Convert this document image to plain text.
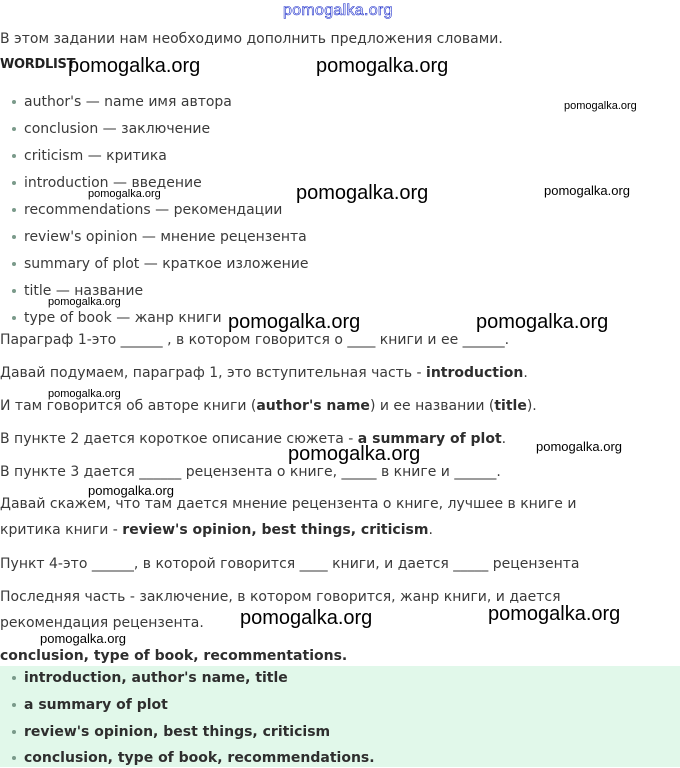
pomogalka.org
В этом задании нам необходимо дополнить предложения словами.
WORDLIST
author's — name имя автора
conclusion — заключение
criticism — критика
introduction — введение
recommendations — рекомендации
review's opinion — мнение рецензента
summary of plot — краткое изложение
title — название
type of book — жанр книги
Параграф 1-это ______ , в котором говорится о ____ книги и ее ______.
Давай подумаем, параграф 1, это вступительная часть - introduction.
И там говорится об авторе книги (author's name) и ее названии (title).
В пункте 2 дается короткое описание сюжета - a summary of plot.
В пункте 3 дается ______ рецензента о книге, _____ в книге и ______.
Давай скажем, что там дается мнение рецензента о книге, лучшее в книге и критика книги - review's opinion, best things, criticism.
Пункт 4-это ______, в которой говорится ____ книги, и дается _____ рецензента
Последняя часть - заключение, в котором говорится, жанр книги, и дается рекомендация рецензента.
conclusion, type of book, recommentations.
introduction, author's name, title
a summary of plot
review's opinion, best things, criticism
conclusion, type of book, recommendations.
pomogalka.org	pomogalka.org
pomogalka.org
pomogalka.org	pomogalka.org	pomogalka.org
pomogalka.org
pomogalka.org	pomogalka.org
pomogalka.org
pomogalka.org
pomogalka.org
pomogalka.org
pomogalka.org	pomogalka.org
pomogalka.org
